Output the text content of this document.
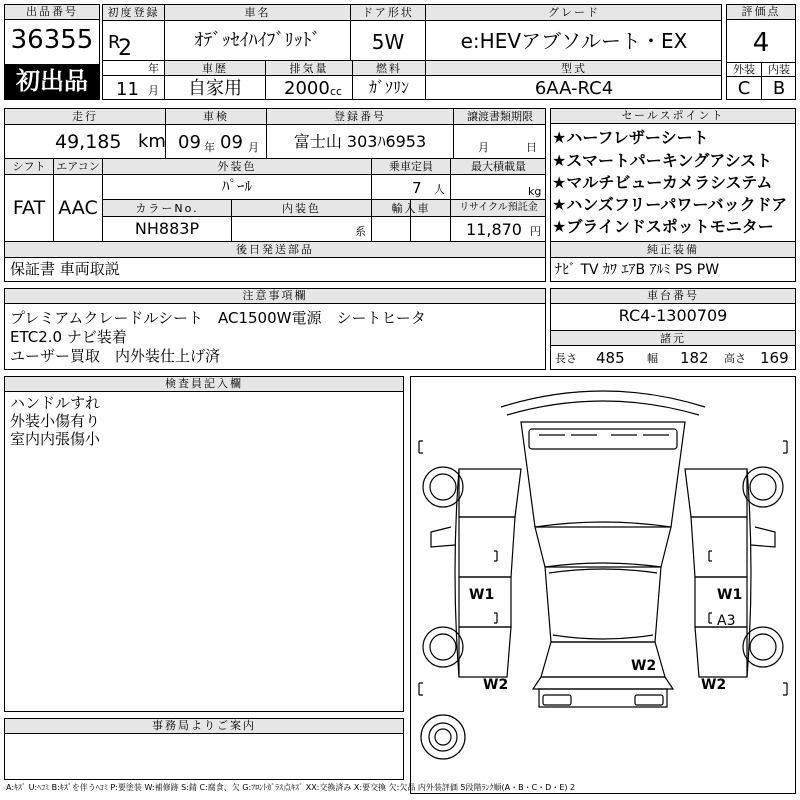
出品番号
36355
初出品
初度登録
R
2
年
11 月
車名
ｵﾃﾞｯｾｲﾊｲﾌﾞﾘｯﾄﾞ
ドア形状
5W
グレード
e:HEVアブソルート・EX
車歴
自家用
排気量
2000 cc
燃料
ｶﾞｿﾘﾝ
型式
6AA-RC4
評価点
4
外装	内装
C	B
走行
49,185 km
車検
09 年 09 月
登録番号
富士山 303ﾊ6953
譲渡書類期限
月	日
シフト
FAT
エアコン
AAC
外装色
ﾊﾟｰﾙ
乗車定員
7 人
最大積載量
kg
カラーNo.
NH883P
内装色
系
輸入車	リサイクル預託金
11,870 円
後日発送部品
保証書 車両取説
セールスポイント
★ハーフレザーシート
★スマートパーキングアシスト
★マルチビューカメラシステム
★ハンズフリーパワーバックドア
★ブラインドスポットモニター
純正装備
ﾅﾋﾞ TV ｶﾜ ｴｱB ｱﾙﾐ PS PW
注意事項欄
プレミアムクレードルシート　AC1500W電源　シートヒータ
ETC2.0 ナビ装着
ユーザー買取　内外装仕上げ済
車台番号
RC4-1300709
諸元
長さ 485 幅 182 高さ 169
検査員記入欄
ハンドルすれ
外装小傷有り
室内内張傷小
W1	W1
A3
W2
W2
W2
事務局よりご案内
A:ｷｽﾞ U:ﾍｺﾐ B:ｷｽﾞを伴うﾍｺﾐ P:要塗装 W:補修跡 S:錆 C:腐食、欠 G:ﾌﾛﾝﾄｶﾞﾗｽ点ｷｽﾞ XX:交換済み X:要交換 欠:欠品 内外装評価 5段階ﾗﾝｸ順(A・B・C・D・E) 2
